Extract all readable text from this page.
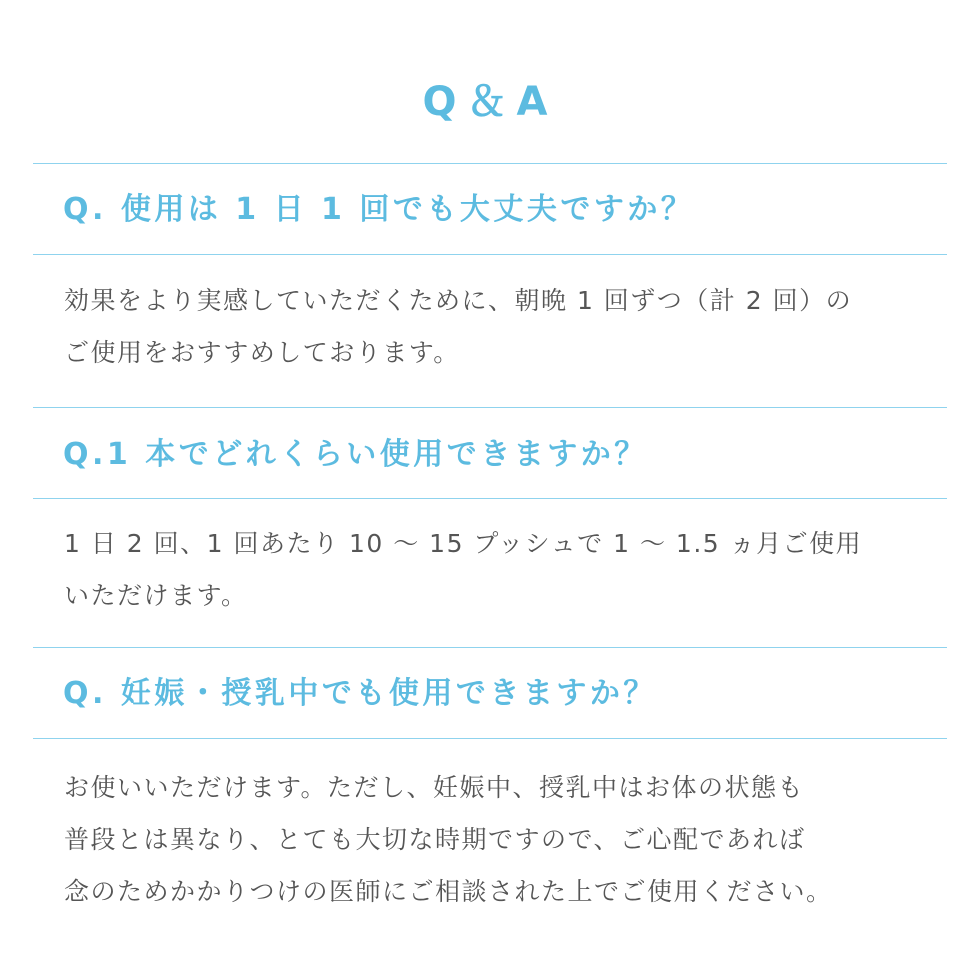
Q＆A
Q. 使用は 1 日 1 回でも大丈夫ですか？
効果をより実感していただくために、朝晩 1 回ずつ（計 2 回）の
ご使用をおすすめしております。
Q.1 本でどれくらい使用できますか？
1 日 2 回、1 回あたり 10 ～ 15 プッシュで 1 ～ 1.5 ヵ月ご使用
いただけます。
Q. 妊娠・授乳中でも使用できますか？
お使いいただけます。ただし、妊娠中、授乳中はお体の状態も
普段とは異なり、とても大切な時期ですので、ご心配であれば
念のためかかりつけの医師にご相談された上でご使用ください。
